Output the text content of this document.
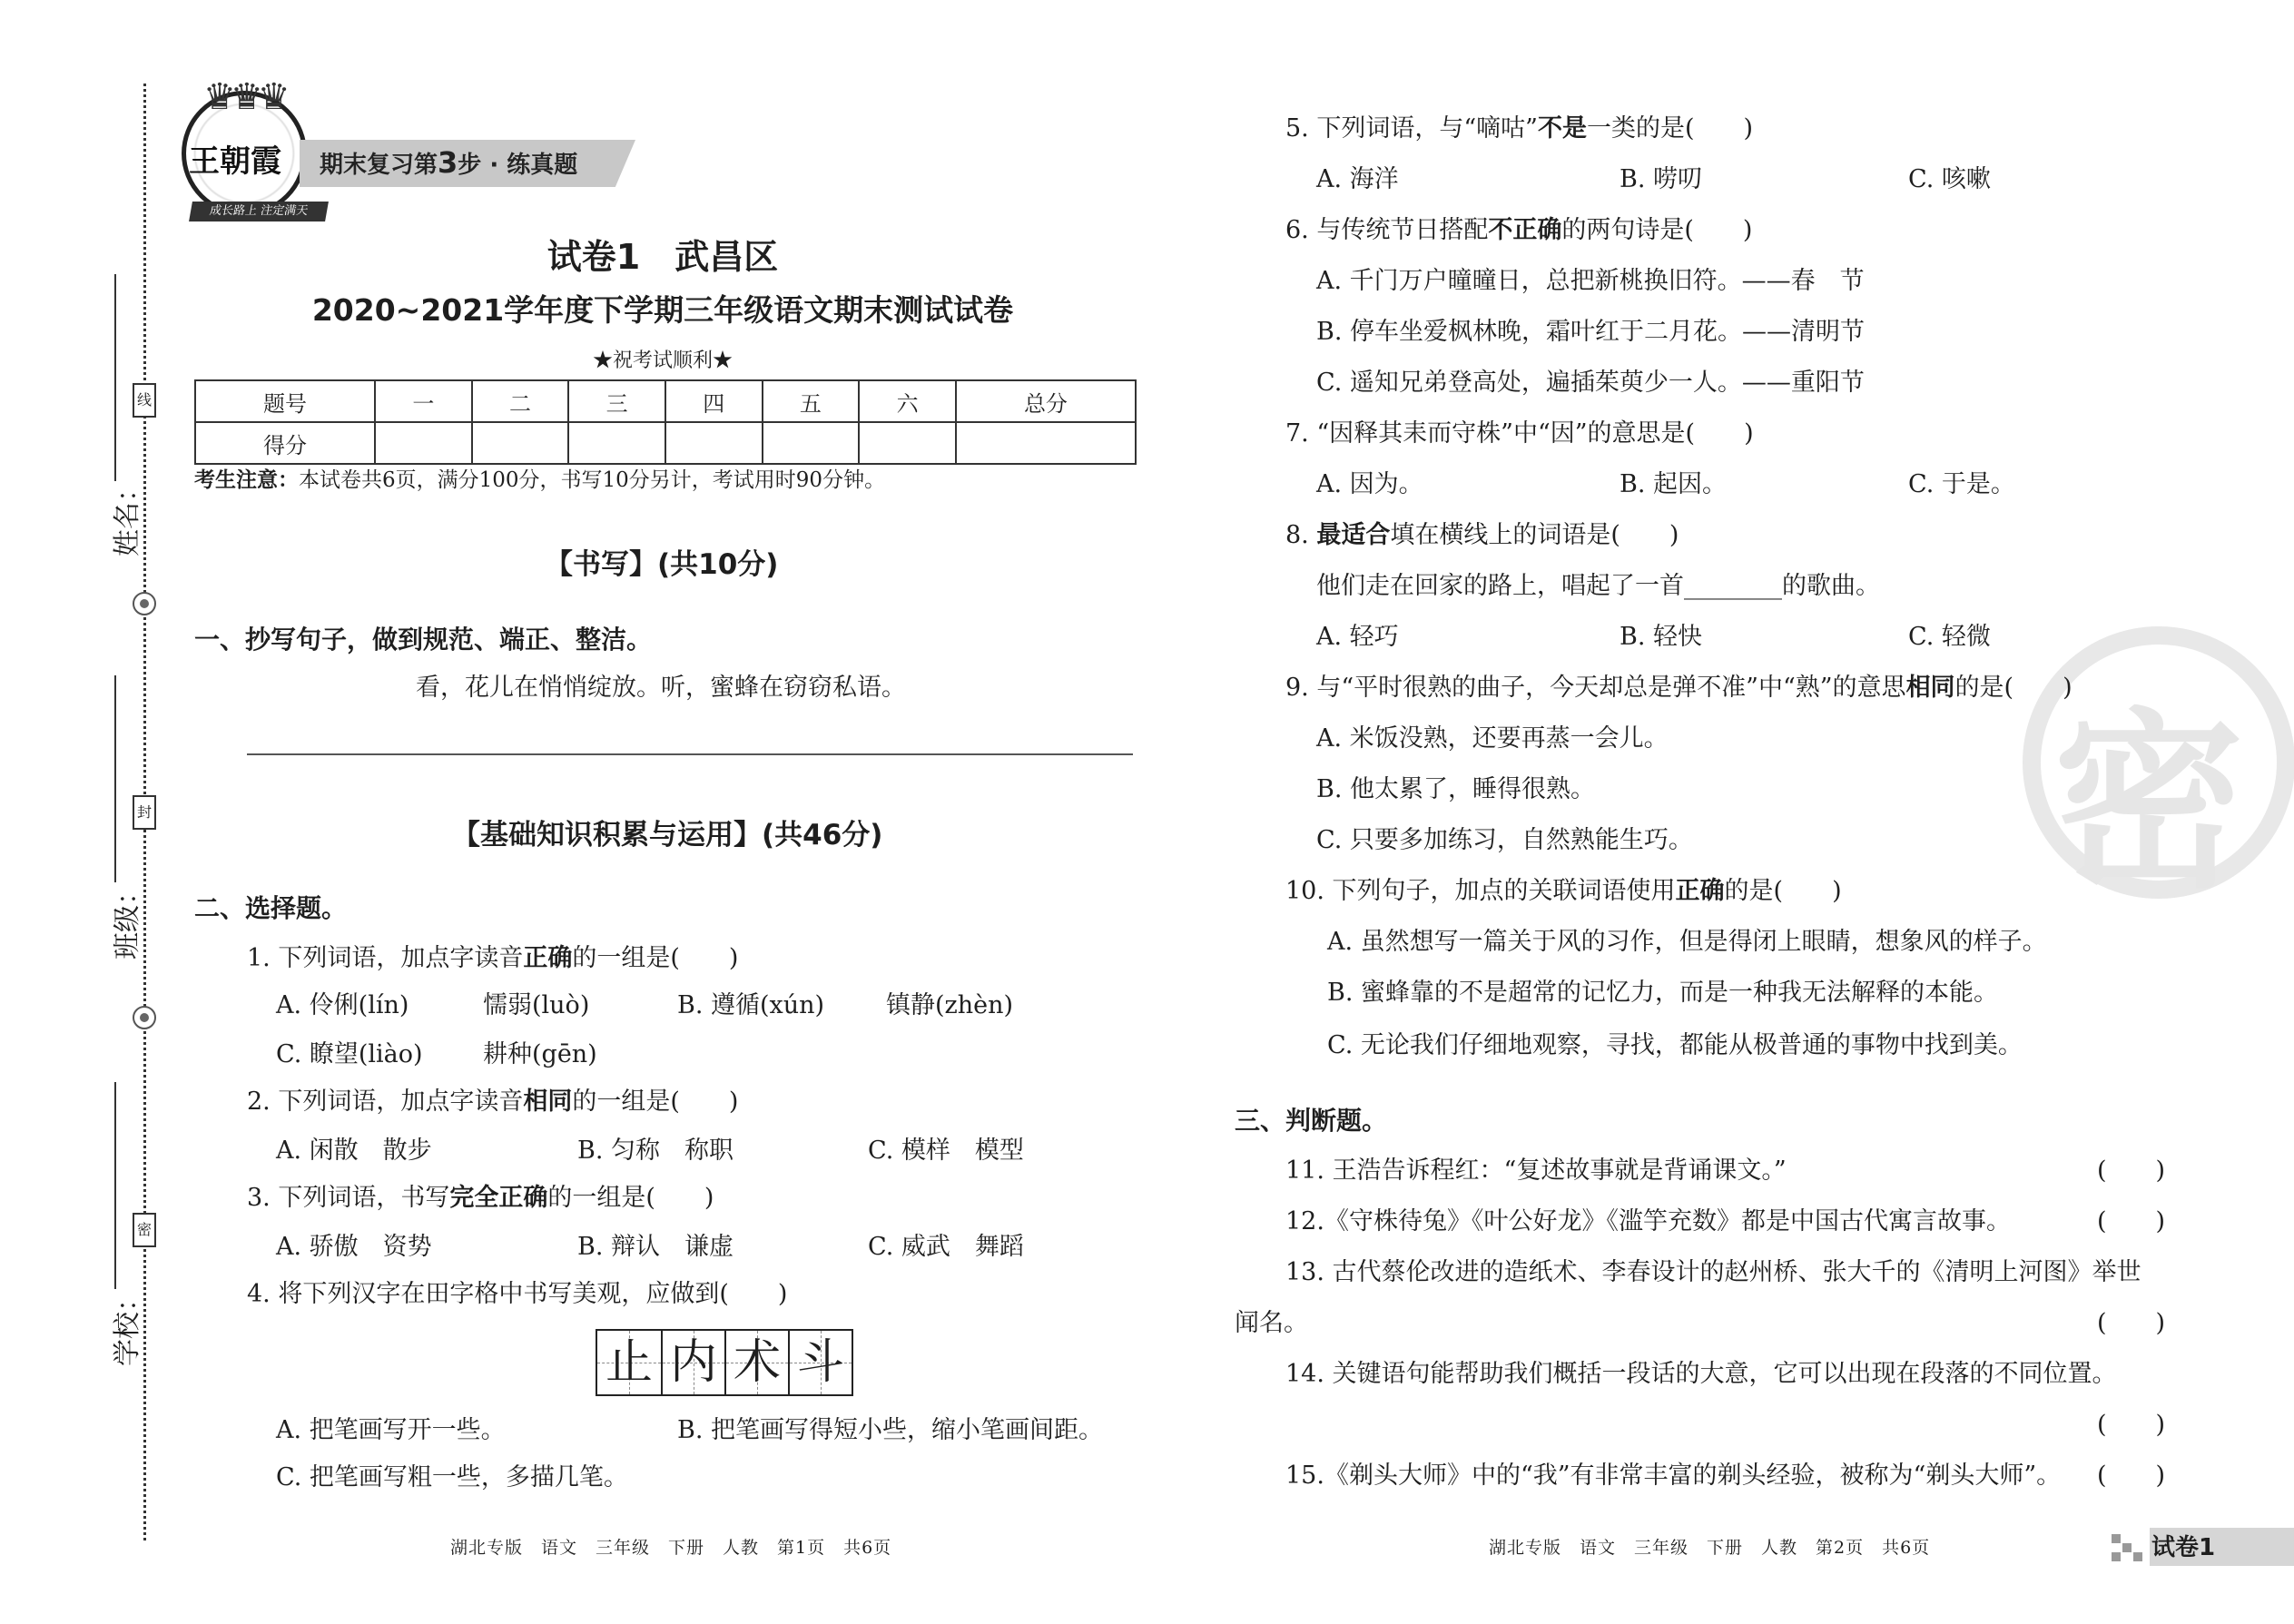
线
封
密
姓名：
班级：
学校：
♛♛♛
王朝霞
成长路上 注定满天
期末复习第3步 · 练真题
试卷1　武昌区
2020~2021学年度下学期三年级语文期末测试试卷
★祝考试顺利★
题号	一	二	三	四	五	六	总分
得分							
考生注意：本试卷共6页，满分100分，书写10分另计，考试用时90分钟。
【书写】(共10分)
一、抄写句子，做到规范、端正、整洁。
看，花儿在悄悄绽放。听，蜜蜂在窃窃私语。
【基础知识积累与运用】(共46分)
二、选择题。
1. 下列词语，加点字读音正确的一组是(　　)
A. 伶俐(lín)	懦弱(luò)	B. 遵循(xún)	镇静(zhèn)
C. 瞭望(liào) 耕种(gēn)
2. 下列词语，加点字读音相同的一组是(　　)
A. 闲散　散步	B. 匀称　称职	C. 模样　模型
3. 下列词语，书写完全正确的一组是(　　)
A. 骄傲　资势	B. 辩认　谦虚	C. 威武　舞蹈
4. 将下列汉字在田字格中书写美观，应做到(　　)
止 内 术 斗
A. 把笔画写开一些。	B. 把笔画写得短小些，缩小笔画间距。
C. 把笔画写粗一些，多描几笔。
湖北专版　语文　三年级　下册　人教　第1页　共6页
密
5. 下列词语，与“嘀咕”不是一类的是(　　)
A. 海洋	B. 唠叨	C. 咳嗽
6. 与传统节日搭配不正确的两句诗是(　　)
A. 千门万户曈曈日，总把新桃换旧符。——春　节
B. 停车坐爱枫林晚，霜叶红于二月花。——清明节
C. 遥知兄弟登高处，遍插茱萸少一人。——重阳节
7. “因释其耒而守株”中“因”的意思是(　　)
A. 因为。	B. 起因。	C. 于是。
8. 最适合填在横线上的词语是(　　)
他们走在回家的路上，唱起了一首________的歌曲。
A. 轻巧	B. 轻快	C. 轻微
9. 与“平时很熟的曲子，今天却总是弹不准”中“熟”的意思相同的是(　　)
A. 米饭没熟，还要再蒸一会儿。
B. 他太累了，睡得很熟。
C. 只要多加练习，自然熟能生巧。
10. 下列句子，加点的关联词语使用正确的是(　　)
A. 虽然想写一篇关于风的习作，但是得闭上眼睛，想象风的样子。
B. 蜜蜂靠的不是超常的记忆力，而是一种我无法解释的本能。
C. 无论我们仔细地观察，寻找，都能从极普通的事物中找到美。
三、判断题。
11. 王浩告诉程红：“复述故事就是背诵课文。”	(　　)
12.《守株待兔》《叶公好龙》《滥竽充数》都是中国古代寓言故事。	(　　)
13. 古代蔡伦改进的造纸术、李春设计的赵州桥、张大千的《清明上河图》举世
闻名。	(　　)
14. 关键语句能帮助我们概括一段话的大意，它可以出现在段落的不同位置。
(　　)
15.《剃头大师》中的“我”有非常丰富的剃头经验，被称为“剃头大师”。 (　　)
湖北专版　语文　三年级　下册　人教　第2页　共6页	试卷1
